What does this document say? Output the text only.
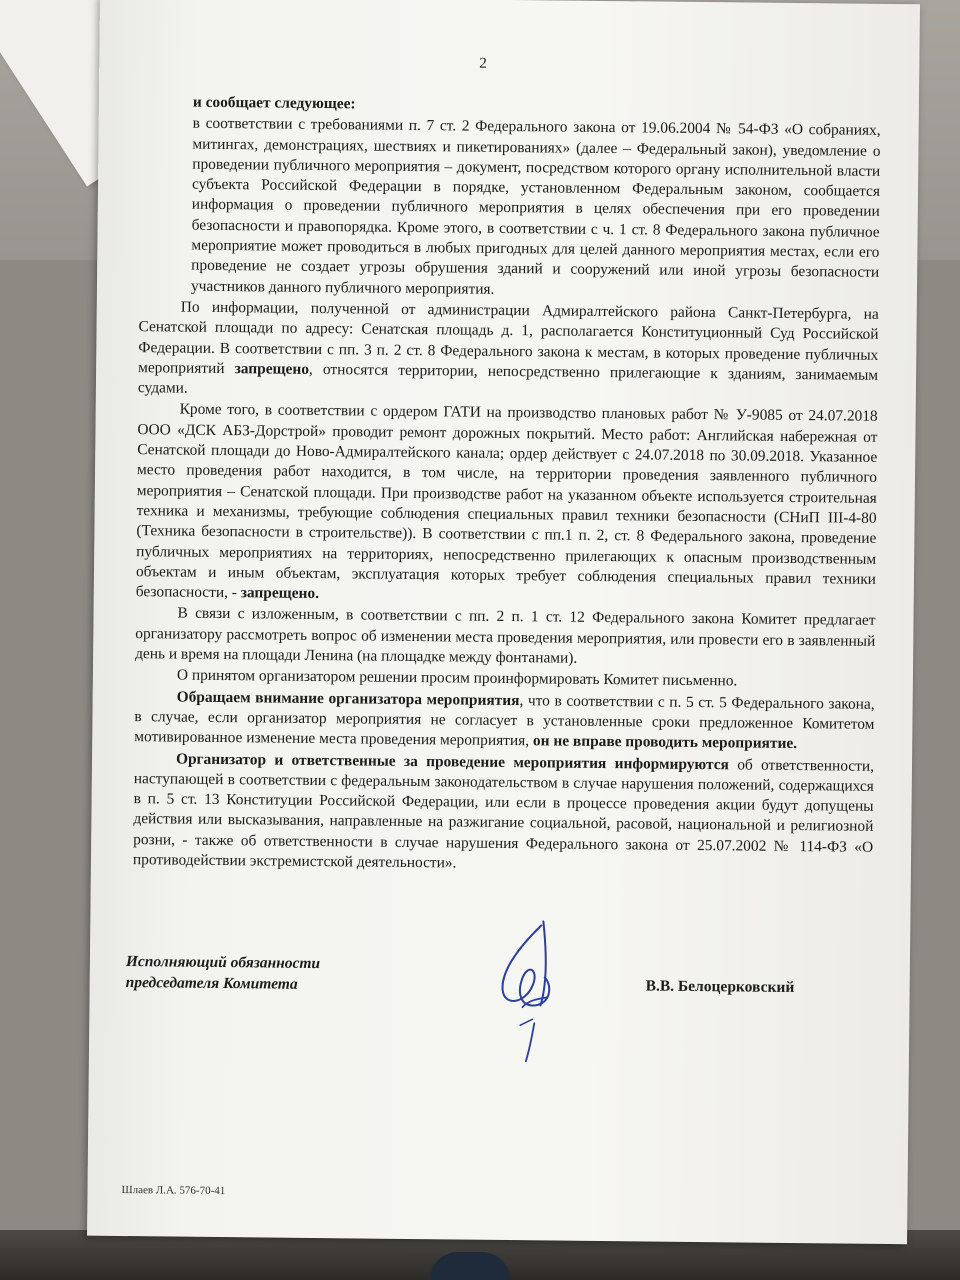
2

и сообщает следующее:

в соответствии с требованиями п. 7 ст. 2 Федерального закона от 19.06.2004 № 54-ФЗ «О собраниях, митингах, демонстрациях, шествиях и пикетированиях» (далее – Федеральный закон), уведомление о проведении публичного мероприятия – документ, посредством которого органу исполнительной власти субъекта Российской Федерации в порядке, установленном Федеральным законом, сообщается информация о проведении публичного мероприятия в целях обеспечения при его проведении безопасности и правопорядка. Кроме этого, в соответствии с ч. 1 ст. 8 Федерального закона публичное мероприятие может проводиться в любых пригодных для целей данного мероприятия местах, если его проведение не создает угрозы обрушения зданий и сооружений или иной угрозы безопасности участников данного публичного мероприятия.

По информации, полученной от администрации Адмиралтейского района Санкт-Петербурга, на Сенатской площади по адресу: Сенатская площадь д. 1, располагается Конституционный Суд Российской Федерации. В соответствии с пп. 3 п. 2 ст. 8 Федерального закона к местам, в которых проведение публичных мероприятий запрещено, относятся территории, непосредственно прилегающие к зданиям, занимаемым судами.

Кроме того, в соответствии с ордером ГАТИ на производство плановых работ № У-9085 от 24.07.2018 ООО «ДСК АБЗ-Дорстрой» проводит ремонт дорожных покрытий. Место работ: Английская набережная от Сенатской площади до Ново-Адмиралтейского канала; ордер действует с 24.07.2018 по 30.09.2018. Указанное место проведения работ находится, в том числе, на территории проведения заявленного публичного мероприятия – Сенатской площади. При производстве работ на указанном объекте используется строительная техника и механизмы, требующие соблюдения специальных правил техники безопасности (СНиП III-4-80 (Техника безопасности в строительстве)). В соответствии с пп.1 п. 2, ст. 8 Федерального закона, проведение публичных мероприятиях на территориях, непосредственно прилегающих к опасным производственным объектам и иным объектам, эксплуатация которых требует соблюдения специальных правил техники безопасности, - запрещено.

В связи с изложенным, в соответствии с пп. 2 п. 1 ст. 12 Федерального закона Комитет предлагает организатору рассмотреть вопрос об изменении места проведения мероприятия, или провести его в заявленный день и время на площади Ленина (на площадке между фонтанами).

О принятом организатором решении просим проинформировать Комитет письменно.

Обращаем внимание организатора мероприятия, что в соответствии с п. 5 ст. 5 Федерального закона, в случае, если организатор мероприятия не согласует в установленные сроки предложенное Комитетом мотивированное изменение места проведения мероприятия, он не вправе проводить мероприятие.

Организатор и ответственные за проведение мероприятия информируются об ответственности, наступающей в соответствии с федеральным законодательством в случае нарушения положений, содержащихся в п. 5 ст. 13 Конституции Российской Федерации, или если в процессе проведения акции будут допущены действия или высказывания, направленные на разжигание социальной, расовой, национальной и религиозной розни, - также об ответственности в случае нарушения Федерального закона от 25.07.2002 № 114-ФЗ «О противодействии экстремистской деятельности».

Исполняющий обязанности
председателя Комитета	В.В. Белоцерковский
Шлаев Л.А. 576-70-41
